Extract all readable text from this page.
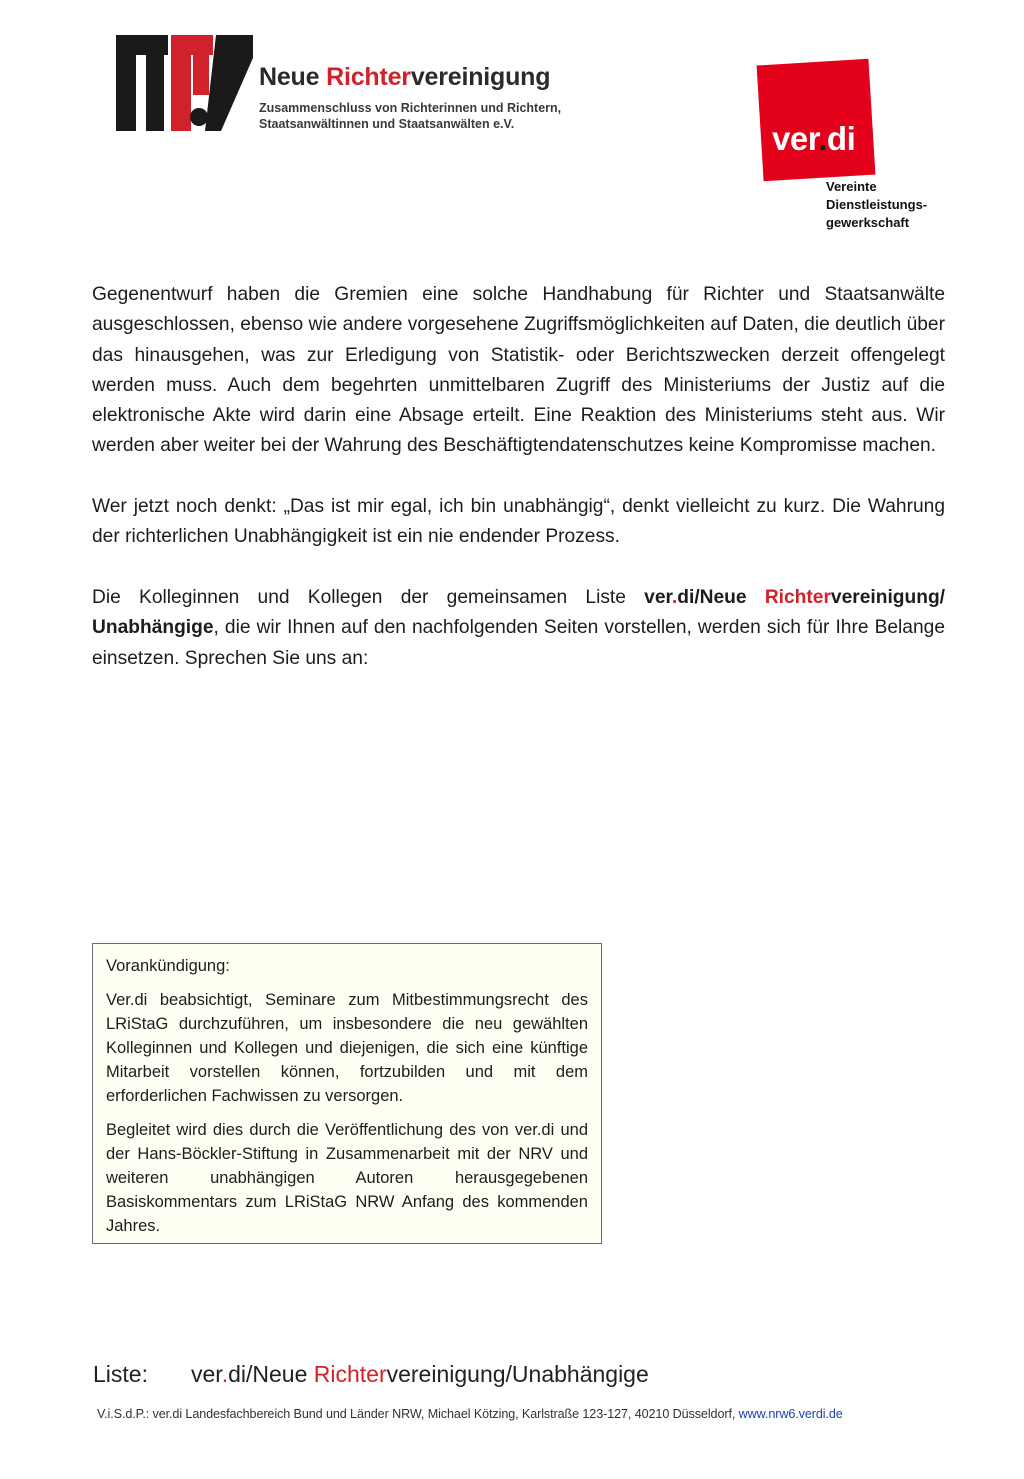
Neue Richtervereinigung
Zusammenschluss von Richterinnen und Richtern,
Staatsanwältinnen und Staatsanwälten e.V.	ver.di
Vereinte
Dienstleistungs-
gewerkschaft

Gegenentwurf haben die Gremien eine solche Handhabung für Richter und Staatsanwälte ausgeschlossen, ebenso wie andere vorgesehene Zugriffsmöglichkeiten auf Daten, die deutlich über das hinausgehen, was zur Erledigung von Statistik- oder Berichtszwecken derzeit offengelegt werden muss. Auch dem begehrten unmittelbaren Zugriff des Ministeriums der Justiz auf die elektronische Akte wird darin eine Absage erteilt. Eine Reaktion des Ministeriums steht aus. Wir werden aber weiter bei der Wahrung des Beschäftigtendatenschutzes keine Kompromisse machen.

Wer jetzt noch denkt: „Das ist mir egal, ich bin unabhängig“, denkt vielleicht zu kurz. Die Wahrung der richterlichen Unabhängigkeit ist ein nie endender Prozess.

Die Kolleginnen und Kollegen der gemeinsamen Liste ver.di/Neue Richtervereinigung/ Unabhängige, die wir Ihnen auf den nachfolgenden Seiten vorstellen, werden sich für Ihre Belange einsetzen. Sprechen Sie uns an:

Vorankündigung:

Ver.di beabsichtigt, Seminare zum Mitbestimmungsrecht des LRiStaG durchzuführen, um insbesondere die neu gewählten Kolleginnen und Kollegen und diejenigen, die sich eine künftige Mitarbeit vorstellen können, fortzubilden und mit dem erforderlichen Fachwissen zu versorgen.

Begleitet wird dies durch die Veröffentlichung des von ver.di und der Hans-Böckler-Stiftung in Zusammenarbeit mit der NRV und weiteren unabhängigen Autoren herausgegebenen Basiskommentars zum LRiStaG NRW Anfang des kommenden Jahres.

Liste: ver.di/Neue Richtervereinigung/Unabhängige
V.i.S.d.P.: ver.di Landesfachbereich Bund und Länder NRW, Michael Kötzing, Karlstraße 123-127, 40210 Düsseldorf, www.nrw6.verdi.de
